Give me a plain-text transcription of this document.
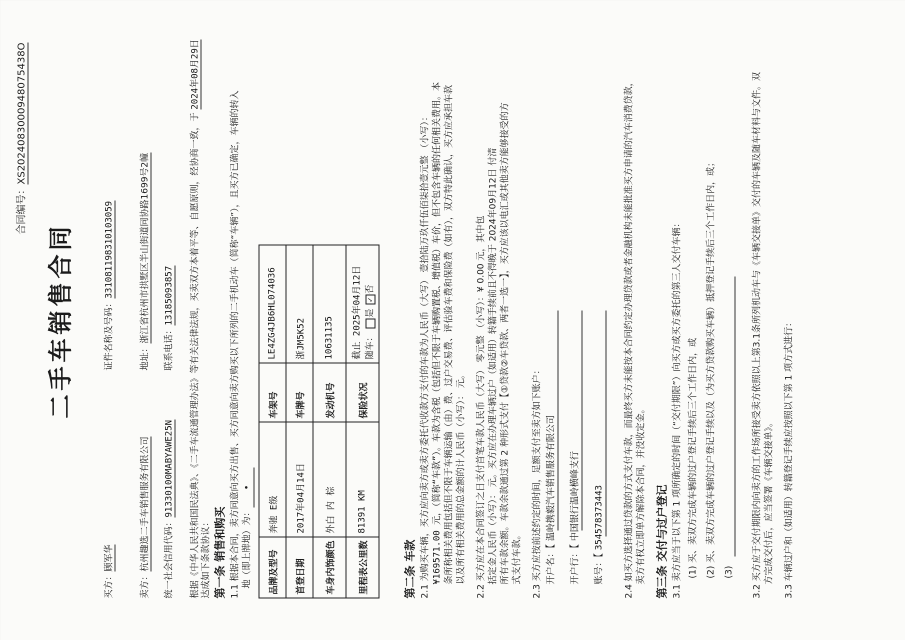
合同编号：XS2024083000948075438O
二手车销售合同
买方：顾军华
证件名称及号码：331081198310103059
卖方：杭州趣选二手车销售服务有限公司
地址：浙江省杭州市拱墅区半山街道同协路1699号2幢
统一社会信用代码：91330100MABYAWE25N
联系电话：13185093857 根据《中华人民共和国民法典》、《二手车流通管理办法》等有关法律法规，买卖双方本着平等、自愿原则，经协商一致，于 2024年08月29日
达成如下条款协议： 第一条 销售和购买 1.1 根据本合同，卖方同意向买方出售、买方同意向卖方购买以下所列的二手机动车（简称“车辆”），且买方已确定，车辆的转入 地（即上牌地）为：•
品牌及型号	奔驰 E级	车架号	LE4ZG4JB6HL074036
首登日期	2017年04月14日	车牌号	浙JM5K52
车身内饰颜色	外白 内 棕	发动机号	10631135
里程表公里数	81391 KM	保险状况	截止 2025年04月12日 随车： 是 ✓否
第二条 车款 2.1 为购买车辆，买方应向卖方或卖方委托代收款方支付的车款为人民币（大写） 壹拾陆万玖仟伍佰柒拾壹元整 （小写）： ¥169571.00 元，（简称“车款”）。车款为含税（包括但不限于车辆购置税、增值税）车价，但不包含车辆的任何相关费用。本 条所称相关费用包括但不限于车辆运输（由）费、过户交易费、评估验车费和保险费（如有），双方特此确认，买方应承担车款 以及所有相关费用的总金额的计人民币（小写）： 元。 2.2 买方应在本合同签订之日支付首笔车款人民币（大写） 零元整 （小写）：¥ 0.00 元，其中包 括定金人民币（小写）： 元。买方应在办理车辆过户（如适用）转籍手续前且不得晚于 2024年09月12日 付清 所有车款余额。车款余款通过第 2 种形式支付【①贷款②车贷款、两者一选一】，买方应该以电汇或其他卖方能够接受的方 式支付车款。 2.3 买方应按前述约定的时间，足额支付至卖方如下账户： 开户名：【 温岭携毅汽车销售服务有限公司
开户行：【 中国银行温岭横峰支行
账号：【 354578373443 2.4 如买方选择通过贷款的方式支付车款，而最终买方未能按本合同约定办理贷款或者金融机构未能批准买方申请的汽车消费贷款， 卖方有权立即单方解除本合同，并没收定金。 第三条 交付与过户登记 3.1 卖方应当于以下第 1 项所确定的时间（“交付期限”）向买方或买方委托的第三人交付车辆： (1) 买、卖双方完成车辆的过户登记手续后三个工作日内，或 (2) 买、卖双方完成车辆的过户登记手续以及（为买方贷款购买车辆）抵押登记手续后三个工作日内，或； (3) 3.2 买方应于交付期限内向卖方的工作场所接受卖方依照以上第3.1条所列机动车与《车辆交接单》交付的车辆及随车材料与文件。双 方完成交付后，应当签署《车辆交接单》。 3.3 车辆过户和（如适用）转籍登记手续应按照以下第 1 项方式进行：
